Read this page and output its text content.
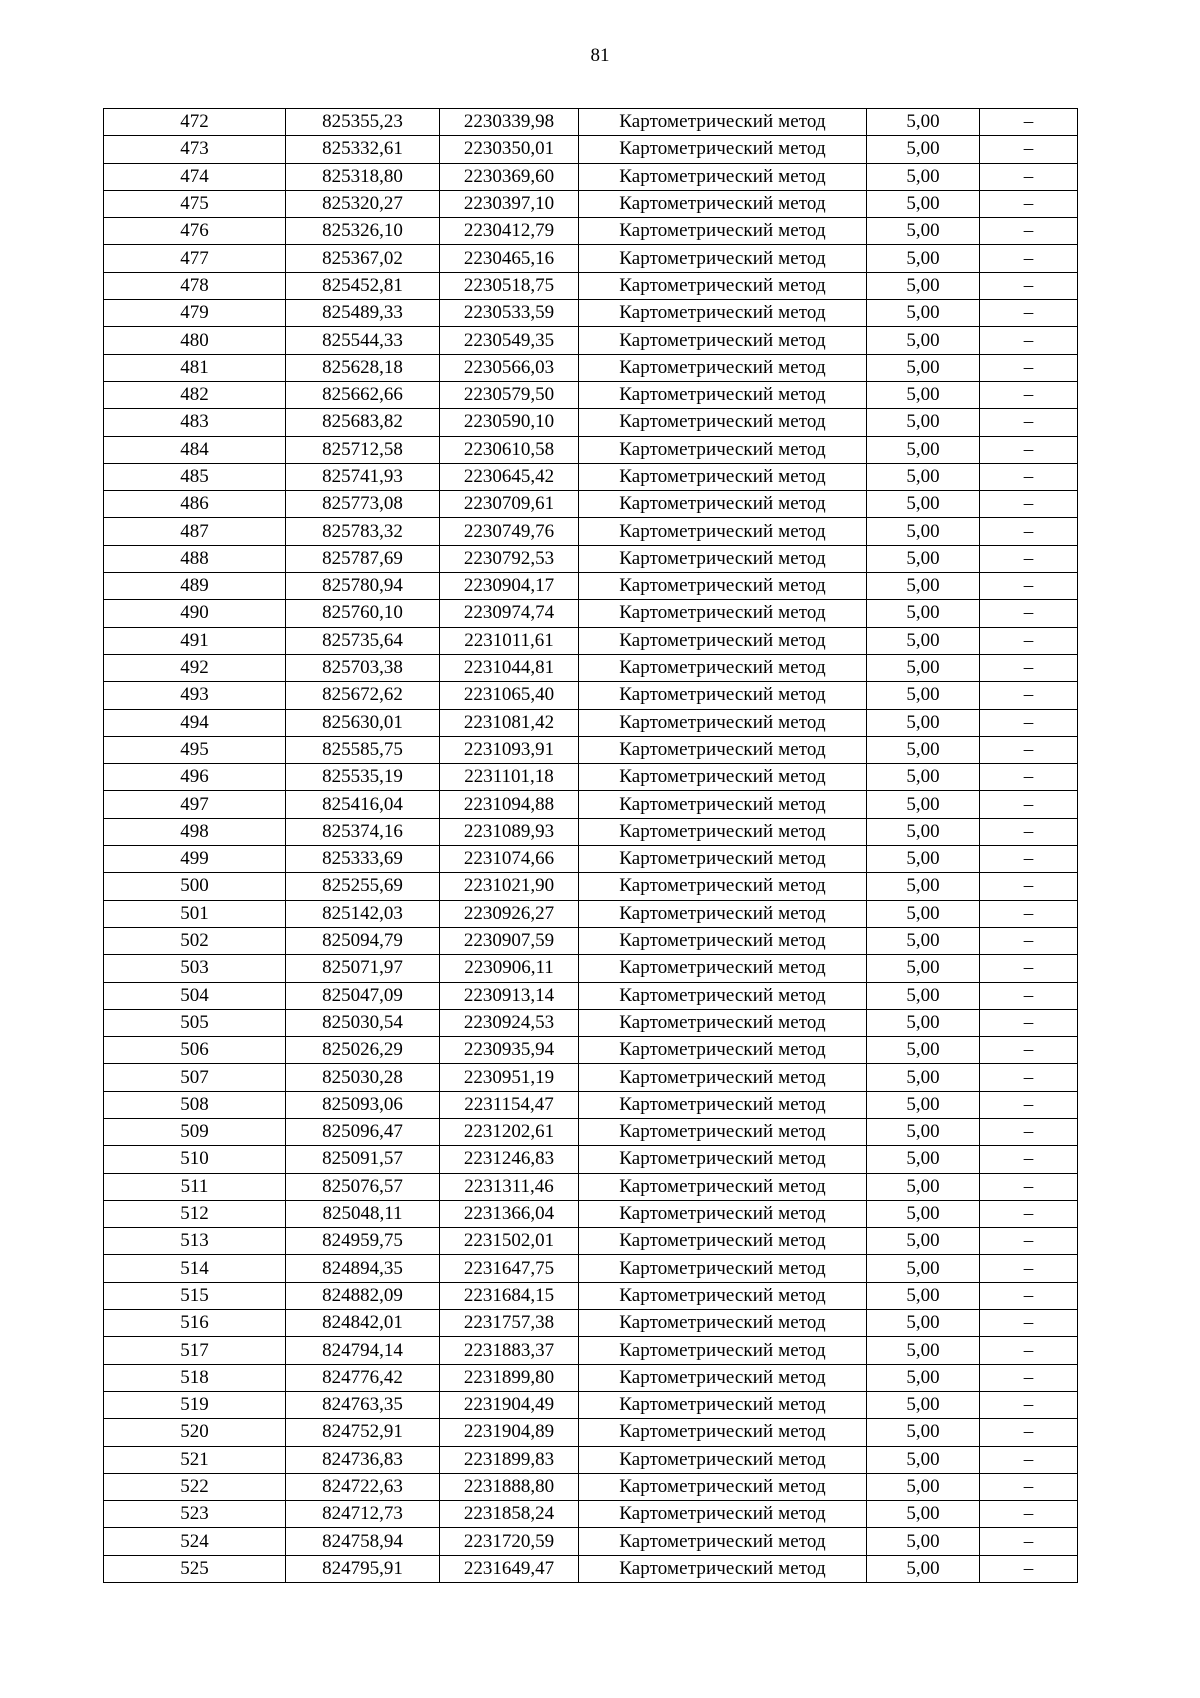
81
472	825355,23	2230339,98	Картометрический метод	5,00	–
473	825332,61	2230350,01	Картометрический метод	5,00	–
474	825318,80	2230369,60	Картометрический метод	5,00	–
475	825320,27	2230397,10	Картометрический метод	5,00	–
476	825326,10	2230412,79	Картометрический метод	5,00	–
477	825367,02	2230465,16	Картометрический метод	5,00	–
478	825452,81	2230518,75	Картометрический метод	5,00	–
479	825489,33	2230533,59	Картометрический метод	5,00	–
480	825544,33	2230549,35	Картометрический метод	5,00	–
481	825628,18	2230566,03	Картометрический метод	5,00	–
482	825662,66	2230579,50	Картометрический метод	5,00	–
483	825683,82	2230590,10	Картометрический метод	5,00	–
484	825712,58	2230610,58	Картометрический метод	5,00	–
485	825741,93	2230645,42	Картометрический метод	5,00	–
486	825773,08	2230709,61	Картометрический метод	5,00	–
487	825783,32	2230749,76	Картометрический метод	5,00	–
488	825787,69	2230792,53	Картометрический метод	5,00	–
489	825780,94	2230904,17	Картометрический метод	5,00	–
490	825760,10	2230974,74	Картометрический метод	5,00	–
491	825735,64	2231011,61	Картометрический метод	5,00	–
492	825703,38	2231044,81	Картометрический метод	5,00	–
493	825672,62	2231065,40	Картометрический метод	5,00	–
494	825630,01	2231081,42	Картометрический метод	5,00	–
495	825585,75	2231093,91	Картометрический метод	5,00	–
496	825535,19	2231101,18	Картометрический метод	5,00	–
497	825416,04	2231094,88	Картометрический метод	5,00	–
498	825374,16	2231089,93	Картометрический метод	5,00	–
499	825333,69	2231074,66	Картометрический метод	5,00	–
500	825255,69	2231021,90	Картометрический метод	5,00	–
501	825142,03	2230926,27	Картометрический метод	5,00	–
502	825094,79	2230907,59	Картометрический метод	5,00	–
503	825071,97	2230906,11	Картометрический метод	5,00	–
504	825047,09	2230913,14	Картометрический метод	5,00	–
505	825030,54	2230924,53	Картометрический метод	5,00	–
506	825026,29	2230935,94	Картометрический метод	5,00	–
507	825030,28	2230951,19	Картометрический метод	5,00	–
508	825093,06	2231154,47	Картометрический метод	5,00	–
509	825096,47	2231202,61	Картометрический метод	5,00	–
510	825091,57	2231246,83	Картометрический метод	5,00	–
511	825076,57	2231311,46	Картометрический метод	5,00	–
512	825048,11	2231366,04	Картометрический метод	5,00	–
513	824959,75	2231502,01	Картометрический метод	5,00	–
514	824894,35	2231647,75	Картометрический метод	5,00	–
515	824882,09	2231684,15	Картометрический метод	5,00	–
516	824842,01	2231757,38	Картометрический метод	5,00	–
517	824794,14	2231883,37	Картометрический метод	5,00	–
518	824776,42	2231899,80	Картометрический метод	5,00	–
519	824763,35	2231904,49	Картометрический метод	5,00	–
520	824752,91	2231904,89	Картометрический метод	5,00	–
521	824736,83	2231899,83	Картометрический метод	5,00	–
522	824722,63	2231888,80	Картометрический метод	5,00	–
523	824712,73	2231858,24	Картометрический метод	5,00	–
524	824758,94	2231720,59	Картометрический метод	5,00	–
525	824795,91	2231649,47	Картометрический метод	5,00	–
